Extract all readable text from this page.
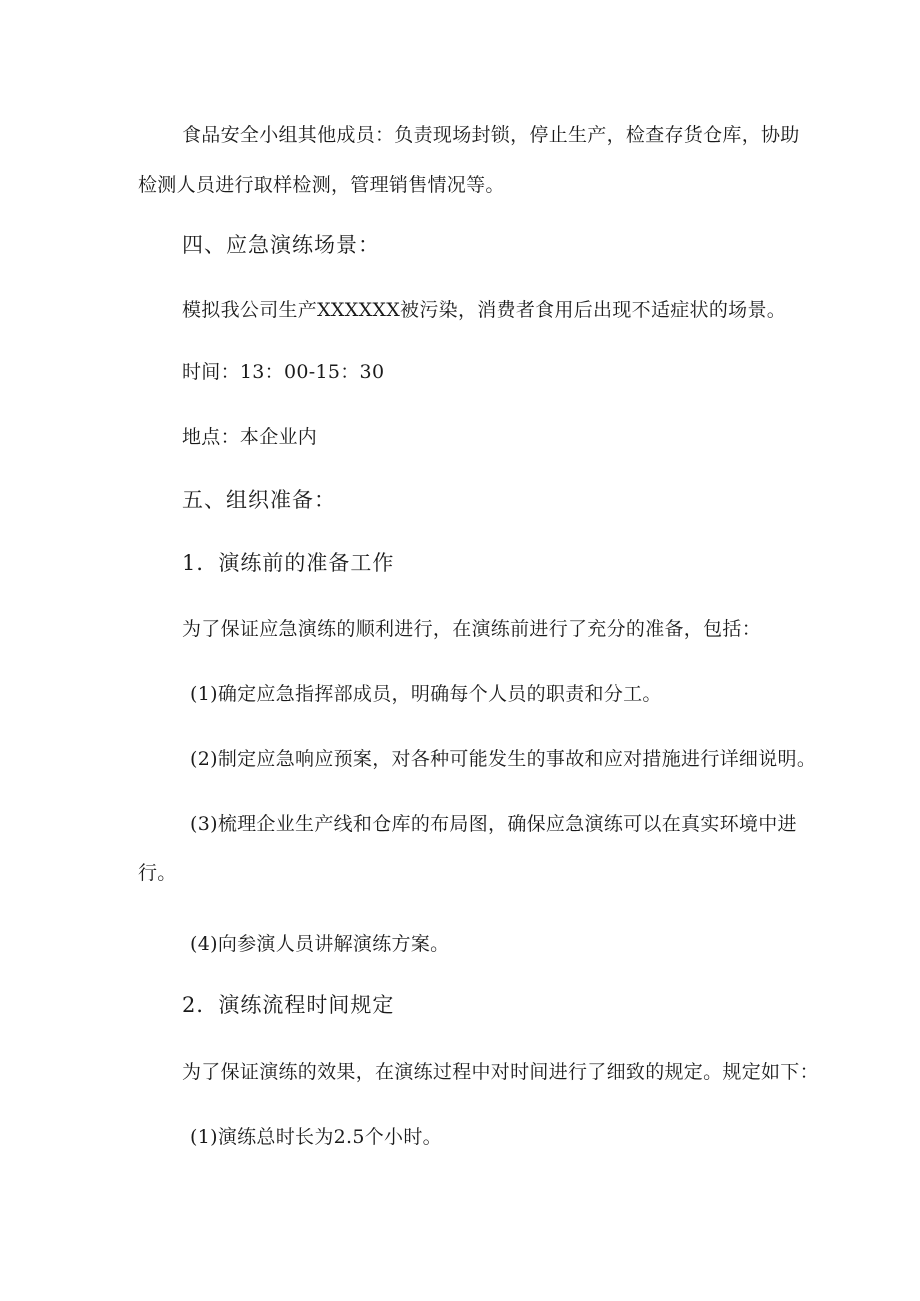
食品安全小组其他成员：负责现场封锁，停止生产，检查存货仓库，协助
检测人员进行取样检测，管理销售情况等。
四、应急演练场景：
模拟我公司生产XXXXXX被污染，消费者食用后出现不适症状的场景。
时间：13：00-15：30
地点：本企业内
五、组织准备：
1．演练前的准备工作
为了保证应急演练的顺利进行，在演练前进行了充分的准备，包括：
(1)确定应急指挥部成员，明确每个人员的职责和分工。
(2)制定应急响应预案，对各种可能发生的事故和应对措施进行详细说明。
(3)梳理企业生产线和仓库的布局图，确保应急演练可以在真实环境中进
行。
(4)向参演人员讲解演练方案。
2．演练流程时间规定
为了保证演练的效果，在演练过程中对时间进行了细致的规定。规定如下：
(1)演练总时长为2.5个小时。
